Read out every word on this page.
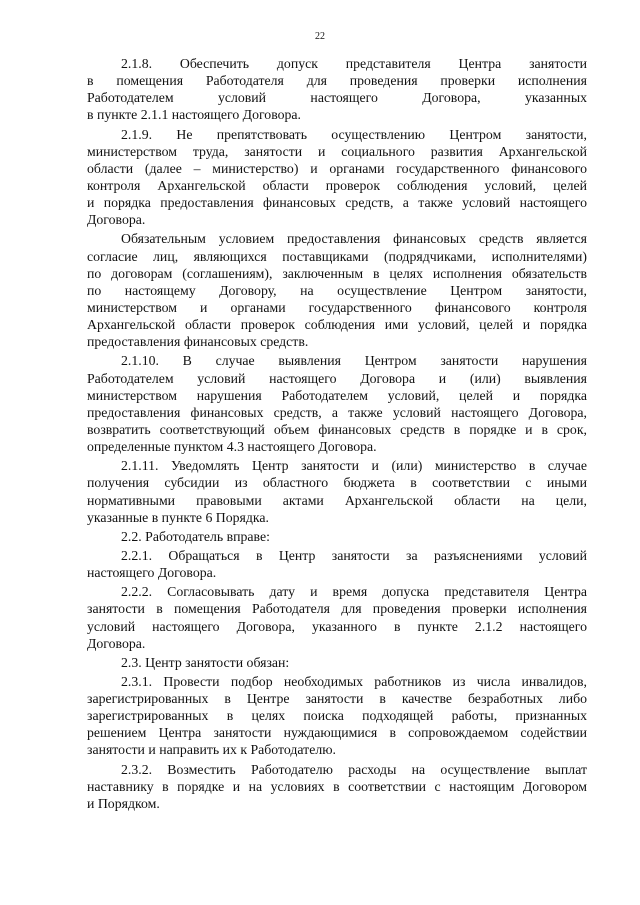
22
2.1.8. Обеспечить допуск представителя Центра занятости
в помещения Работодателя для проведения проверки исполнения
Работодателем условий настоящего Договора, указанных
в пункте 2.1.1 настоящего Договора.
2.1.9. Не препятствовать осуществлению Центром занятости,
министерством труда, занятости и социального развития Архангельской
области (далее – министерство) и органами государственного финансового
контроля Архангельской области проверок соблюдения условий, целей
и порядка предоставления финансовых средств, а также условий настоящего
Договора.
Обязательным условием предоставления финансовых средств является
согласие лиц, являющихся поставщиками (подрядчиками, исполнителями)
по договорам (соглашениям), заключенным в целях исполнения обязательств
по настоящему Договору, на осуществление Центром занятости,
министерством и органами государственного финансового контроля
Архангельской области проверок соблюдения ими условий, целей и порядка
предоставления финансовых средств.
2.1.10. В случае выявления Центром занятости нарушения
Работодателем условий настоящего Договора и (или) выявления
министерством нарушения Работодателем условий, целей и порядка
предоставления финансовых средств, а также условий настоящего Договора,
возвратить соответствующий объем финансовых средств в порядке и в срок,
определенные пунктом 4.3 настоящего Договора.
2.1.11. Уведомлять Центр занятости и (или) министерство в случае
получения субсидии из областного бюджета в соответствии с иными
нормативными правовыми актами Архангельской области на цели,
указанные в пункте 6 Порядка.
2.2. Работодатель вправе:
2.2.1. Обращаться в Центр занятости за разъяснениями условий
настоящего Договора.
2.2.2. Согласовывать дату и время допуска представителя Центра
занятости в помещения Работодателя для проведения проверки исполнения
условий настоящего Договора, указанного в пункте 2.1.2 настоящего
Договора.
2.3. Центр занятости обязан:
2.3.1. Провести подбор необходимых работников из числа инвалидов,
зарегистрированных в Центре занятости в качестве безработных либо
зарегистрированных в целях поиска подходящей работы, признанных
решением Центра занятости нуждающимися в сопровождаемом содействии
занятости и направить их к Работодателю.
2.3.2. Возместить Работодателю расходы на осуществление выплат
наставнику в порядке и на условиях в соответствии с настоящим Договором
и Порядком.
